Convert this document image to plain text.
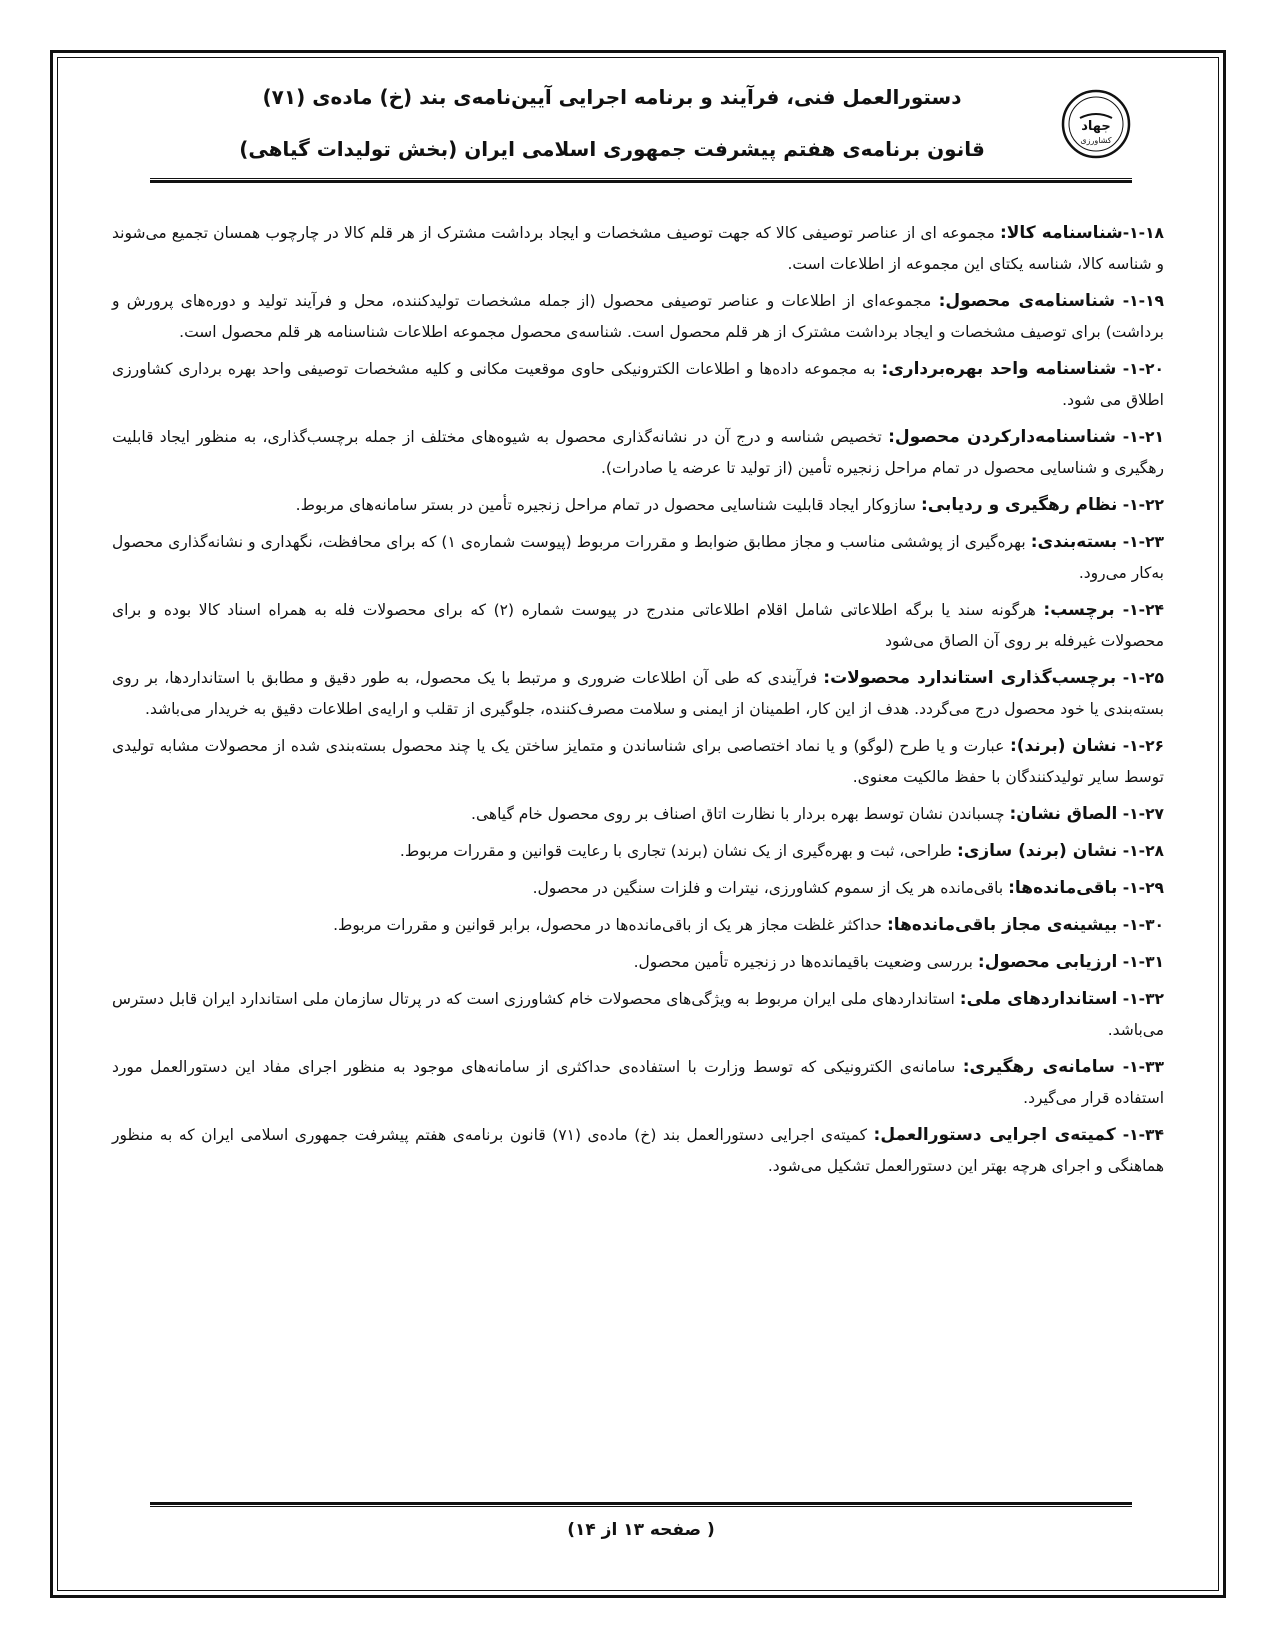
جهاد
کشاورزی
دستورالعمل فنی، فرآیند و برنامه اجرایی آیین‌نامه‌ی بند (خ) ماده‌ی (۷۱)
قانون برنامه‌ی هفتم پیشرفت جمهوری اسلامی ایران (بخش تولیدات گیاهی)

۱-۱۸-شناسنامه کالا: مجموعه ای از عناصر توصیفی کالا که جهت توصیف مشخصات و ایجاد برداشت مشترک از هر قلم کالا در چارچوب همسان تجمیع می‌شوند و شناسه کالا، شناسه یکتای این مجموعه از اطلاعات است.

۱-۱۹- شناسنامه‌ی محصول: مجموعه‌ای از اطلاعات و عناصر توصیفی محصول (از جمله مشخصات تولیدکننده، محل و فرآیند تولید و دوره‌های پرورش و برداشت) برای توصیف مشخصات و ایجاد برداشت مشترک از هر قلم محصول است. شناسه‌ی محصول مجموعه اطلاعات شناسنامه هر قلم محصول است.

۱-۲۰- شناسنامه واحد بهره‌برداری: به مجموعه داده‌ها و اطلاعات الکترونیکی حاوی موقعیت مکانی و کلیه مشخصات توصیفی واحد بهره برداری کشاورزی اطلاق می شود.

۱-۲۱- شناسنامه‌دارکردن محصول: تخصیص شناسه و درج آن در نشانه‌گذاری محصول به شیوه‌های مختلف از جمله برچسب‌گذاری، به منظور ایجاد قابلیت رهگیری و شناسایی محصول در تمام مراحل زنجیره تأمین (از تولید تا عرضه یا صادرات).

۱-۲۲- نظام رهگیری و ردیابی: سازوکار ایجاد قابلیت شناسایی محصول در تمام مراحل زنجیره تأمین در بستر سامانه‌های مربوط.

۱-۲۳- بسته‌بندی: بهره‌گیری از پوششی مناسب و مجاز مطابق ضوابط و مقررات مربوط (پیوست شماره‌ی ۱) که برای محافظت، نگهداری و نشانه‌گذاری محصول به‌کار می‌رود.

۱-۲۴- برچسب: هرگونه سند یا برگه اطلاعاتی شامل اقلام اطلاعاتی مندرج در پیوست شماره (۲) که برای محصولات فله به همراه اسناد کالا بوده و برای محصولات غیرفله بر روی آن الصاق می‌شود

۱-۲۵- برچسب‌گذاری استاندارد محصولات: فرآیندی که طی آن اطلاعات ضروری و مرتبط با یک محصول، به طور دقیق و مطابق با استانداردها، بر روی بسته‌بندی یا خود محصول درج می‌گردد. هدف از این کار، اطمینان از ایمنی و سلامت مصرف‌کننده، جلوگیری از تقلب و ارایه‌ی اطلاعات دقیق به خریدار می‌باشد.

۱-۲۶- نشان (برند): عبارت و یا طرح (لوگو) و یا نماد اختصاصی برای شناساندن و متمایز ساختن یک یا چند محصول بسته‌بندی شده از محصولات مشابه تولیدی توسط سایر تولیدکنندگان با حفظ مالکیت معنوی.

۱-۲۷- الصاق نشان: چسباندن نشان توسط بهره بردار با نظارت اتاق اصناف بر روی محصول خام گیاهی.

۱-۲۸- نشان (برند) سازی: طراحی، ثبت و بهره‌گیری از یک نشان (برند) تجاری با رعایت قوانین و مقررات مربوط.

۱-۲۹- باقی‌مانده‌ها: باقی‌مانده هر یک از سموم کشاورزی، نیترات و فلزات سنگین در محصول.

۱-۳۰- بیشینه‌ی مجاز باقی‌مانده‌ها: حداکثر غلظت مجاز هر یک از باقی‌مانده‌ها در محصول، برابر قوانین و مقررات مربوط.

۱-۳۱- ارزیابی محصول: بررسی وضعیت باقیمانده‌ها در زنجیره تأمین محصول.

۱-۳۲- استانداردهای ملی: استانداردهای ملی ایران مربوط به ویژگی‌های محصولات خام کشاورزی است که در پرتال سازمان ملی استاندارد ایران قابل دسترس می‌باشد.

۱-۳۳- سامانه‌ی رهگیری: سامانه‌ی الکترونیکی که توسط وزارت با استفاده‌ی حداکثری از سامانه‌های موجود به منظور اجرای مفاد این دستورالعمل مورد استفاده قرار می‌گیرد.

۱-۳۴- کمیته‌ی اجرایی دستورالعمل: کمیته‌ی اجرایی دستورالعمل بند (خ) ماده‌ی (۷۱) قانون برنامه‌ی هفتم پیشرفت جمهوری اسلامی ایران که به منظور هماهنگی و اجرای هرچه بهتر این دستورالعمل تشکیل می‌شود.

( صفحه ۱۳ از ۱۴)
